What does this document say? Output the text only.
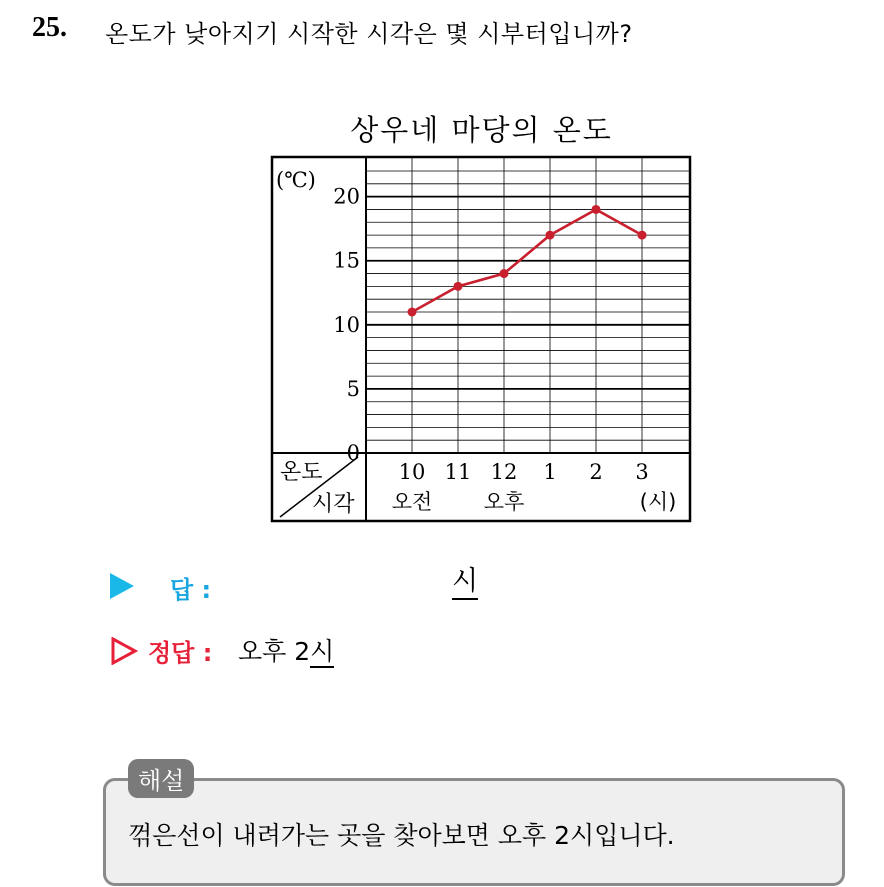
25. 온도가 낮아지기 시작한 시각은 몇 시부터입니까?
상우네 마당의 온도
온도
시각
(℃)
0
5
10
15
20
10 11 12 1 2 3
오전 오후	(시)
답 :	시
정답 : 오후 2시
해설
꺾은선이 내려가는 곳을 찾아보면 오후 2시입니다.
